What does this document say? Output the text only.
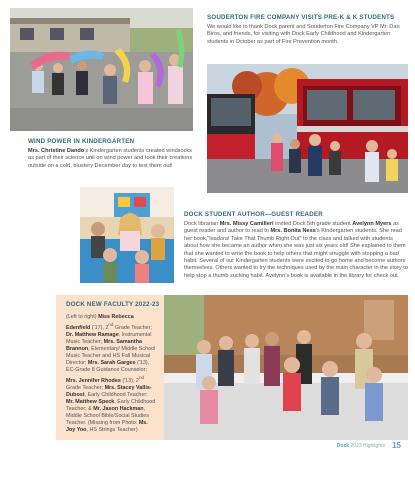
SOUDERTON FIRE COMPANY VISITS PRE-K & K STUDENTS
We would like to thank Dock parent and Souderton Fire Company VP Mr. Dan Biros, and friends, for visiting with Dock Early Childhood and Kindergarten students in October as part of Fire Prevention month.
WIND POWER IN KINDERGARTEN
Mrs. Christine Dando's Kindergarten students created windsocks as part of their science unit on wind power and took their creations outside on a cold, blustery December day to test them out!
DOCK STUDENT AUTHOR—GUEST READER
Dock librarian Mrs. Missy Camilleri invited Dock 5th grade student Avelynn Myers as guest reader and author to read to Mrs. Bonita Ness's Kindergarten students. She read her book,"Isadora! Take That Thumb Right Out" to the class and talked with students about how she became an author when she was just six years old! She explained to them that she wanted to write the book to help others that might struggle with stopping a bad habit. Several of our Kindergarten students were excited to go home and become authors themselves. Others wanted to try the techniques used by the main character in the story to help stop a thumb sucking habit. Avelynn's book is available in the library for check out.
DOCK NEW FACULTY 2022-23
(Left to right) Miss Rebecca Edenfield ('17), 2nd Grade Teacher; Dr. Matthew Ramage, Instrumental Music Teacher; Mrs. Samantha Brannon, Elementary/ Middle School Music Teacher and HS Fall Musical Director; Mrs. Sarah Garges ('13), EC-Grade 8 Guidance Counselor; Mrs. Jennifer Rhodes ('13), 2nd Grade Teacher; Mrs. Stacey Vallis-Dubost, Early Childhood Teacher; Mr. Matthew Speck, Early Childhood Teacher; & Mr. Jason Hackman, Middle School Bible/Social Studies Teacher. (Missing from Photo: Ms. Joy Yoo, HS Strings Teacher)
Dock 2023 Highlights 15
